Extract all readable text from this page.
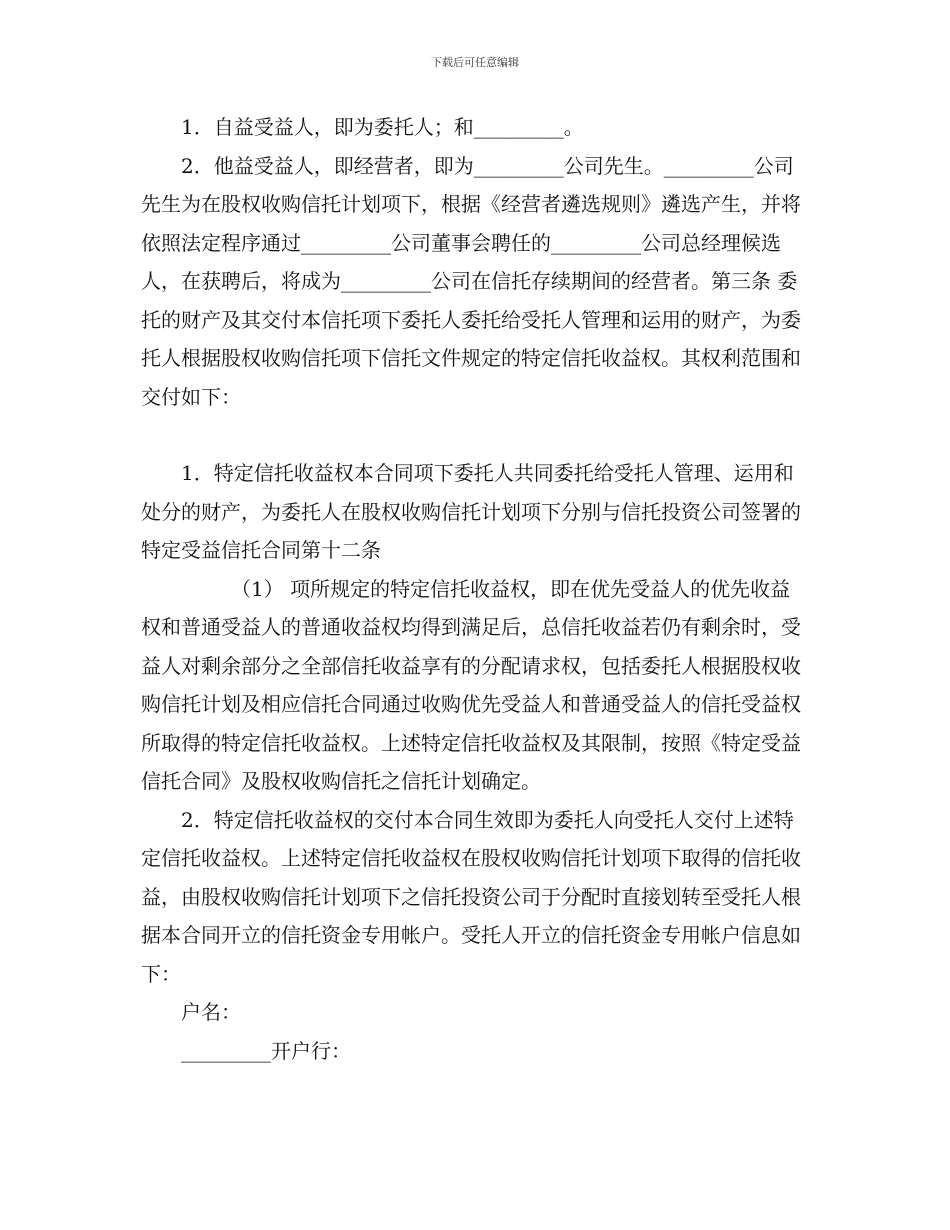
下载后可任意编辑

1．自益受益人，即为委托人；和_________。

2．他益受益人，即经营者，即为_________公司先生。_________公司先生为在股权收购信托计划项下，根据《经营者遴选规则》遴选产生，并将依照法定程序通过_________公司董事会聘任的_________公司总经理候选人，在获聘后，将成为_________公司在信托存续期间的经营者。第三条 委托的财产及其交付本信托项下委托人委托给受托人管理和运用的财产，为委托人根据股权收购信托项下信托文件规定的特定信托收益权。其权利范围和交付如下：

1．特定信托收益权本合同项下委托人共同委托给受托人管理、运用和处分的财产，为委托人在股权收购信托计划项下分别与信托投资公司签署的特定受益信托合同第十二条

（1） 项所规定的特定信托收益权，即在优先受益人的优先收益权和普通受益人的普通收益权均得到满足后，总信托收益若仍有剩余时，受益人对剩余部分之全部信托收益享有的分配请求权，包括委托人根据股权收购信托计划及相应信托合同通过收购优先受益人和普通受益人的信托受益权所取得的特定信托收益权。上述特定信托收益权及其限制，按照《特定受益信托合同》及股权收购信托之信托计划确定。

2．特定信托收益权的交付本合同生效即为委托人向受托人交付上述特定信托收益权。上述特定信托收益权在股权收购信托计划项下取得的信托收益，由股权收购信托计划项下之信托投资公司于分配时直接划转至受托人根据本合同开立的信托资金专用帐户。受托人开立的信托资金专用帐户信息如下：

户名：

_________开户行：
